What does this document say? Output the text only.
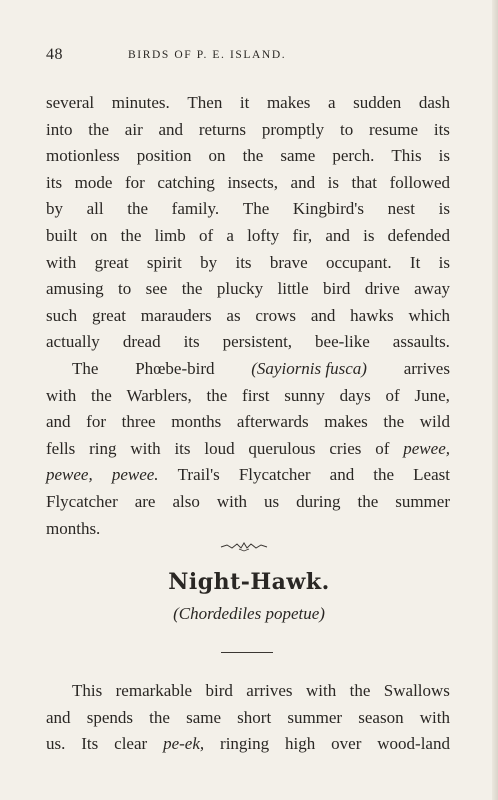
48	BIRDS OF P. E. ISLAND.
several minutes. Then it makes a sudden dash
into the air and returns promptly to resume its
motionless position on the same perch. This is
its mode for catching insects, and is that followed
by all the family. The Kingbird's nest is
built on the limb of a lofty fir, and is defended
with great spirit by its brave occupant. It is
amusing to see the plucky little bird drive away
such great marauders as crows and hawks which
actually dread its persistent, bee-like assaults.
The Phœbe-bird (Sayiornis fusca) arrives
with the Warblers, the first sunny days of June,
and for three months afterwards makes the wild
fells ring with its loud querulous cries of pewee,
pewee, pewee. Trail's Flycatcher and the Least
Flycatcher are also with us during the summer
months.
Night-Hawk.
(Chordediles popetue)
This remarkable bird arrives with the Swallows
and spends the same short summer season with
us. Its clear pe-ek, ringing high over wood-land
